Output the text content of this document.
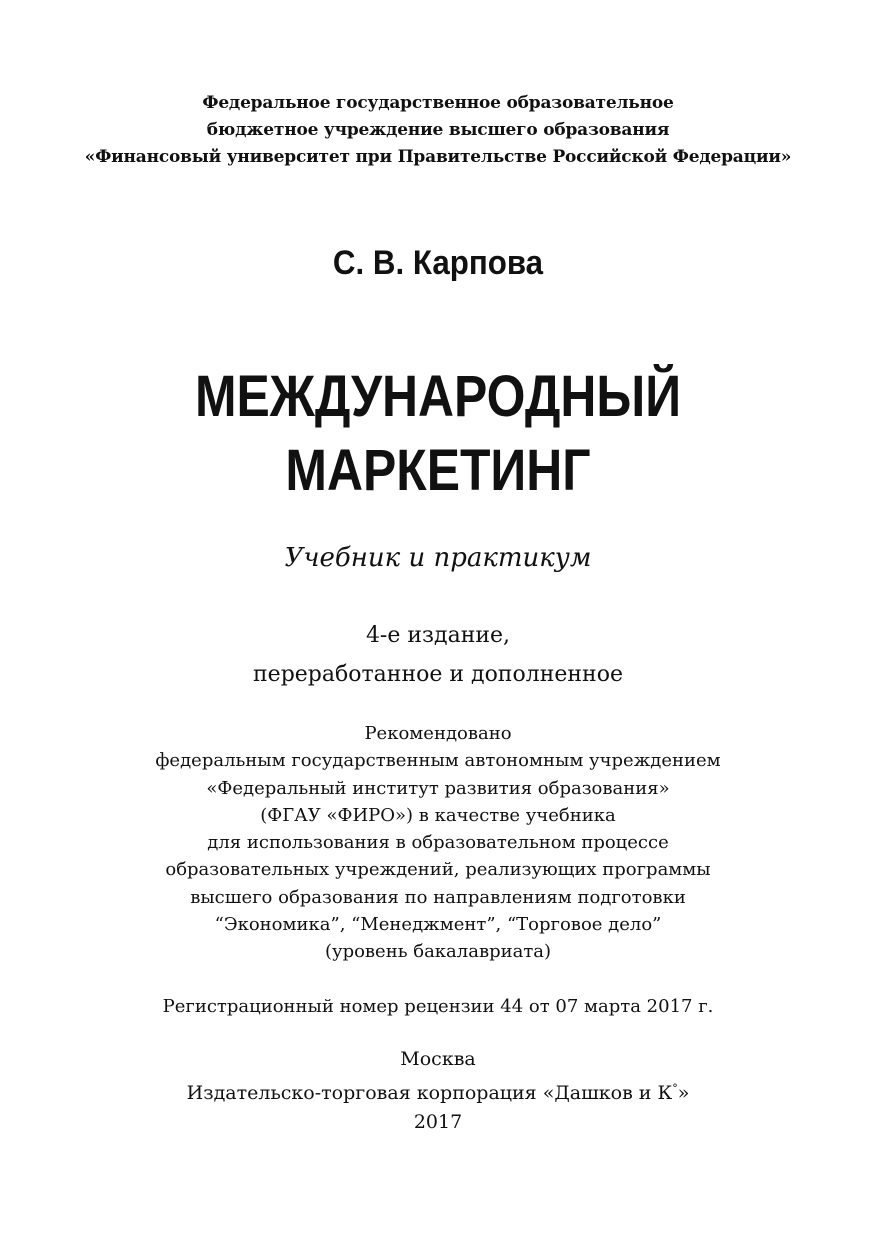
Федеральное государственное образовательное
бюджетное учреждение высшего образования
«Финансовый университет при Правительстве Российской Федерации»
С. В. Карпова
МЕЖДУНАРОДНЫЙ
МАРКЕТИНГ
Учебник и практикум
4-е издание,
переработанное и дополненное
Рекомендовано
федеральным государственным автономным учреждением
«Федеральный институт развития образования»
(ФГАУ «ФИРО») в качестве учебника
для использования в образовательном процессе
образовательных учреждений, реализующих программы
высшего образования по направлениям подготовки
“Экономика”, “Менеджмент”, “Торговое дело”
(уровень бакалавриата)
Регистрационный номер рецензии 44 от 07 марта 2017 г.
Москва
Издательско-торговая корпорация «Дашков и К°»
2017
